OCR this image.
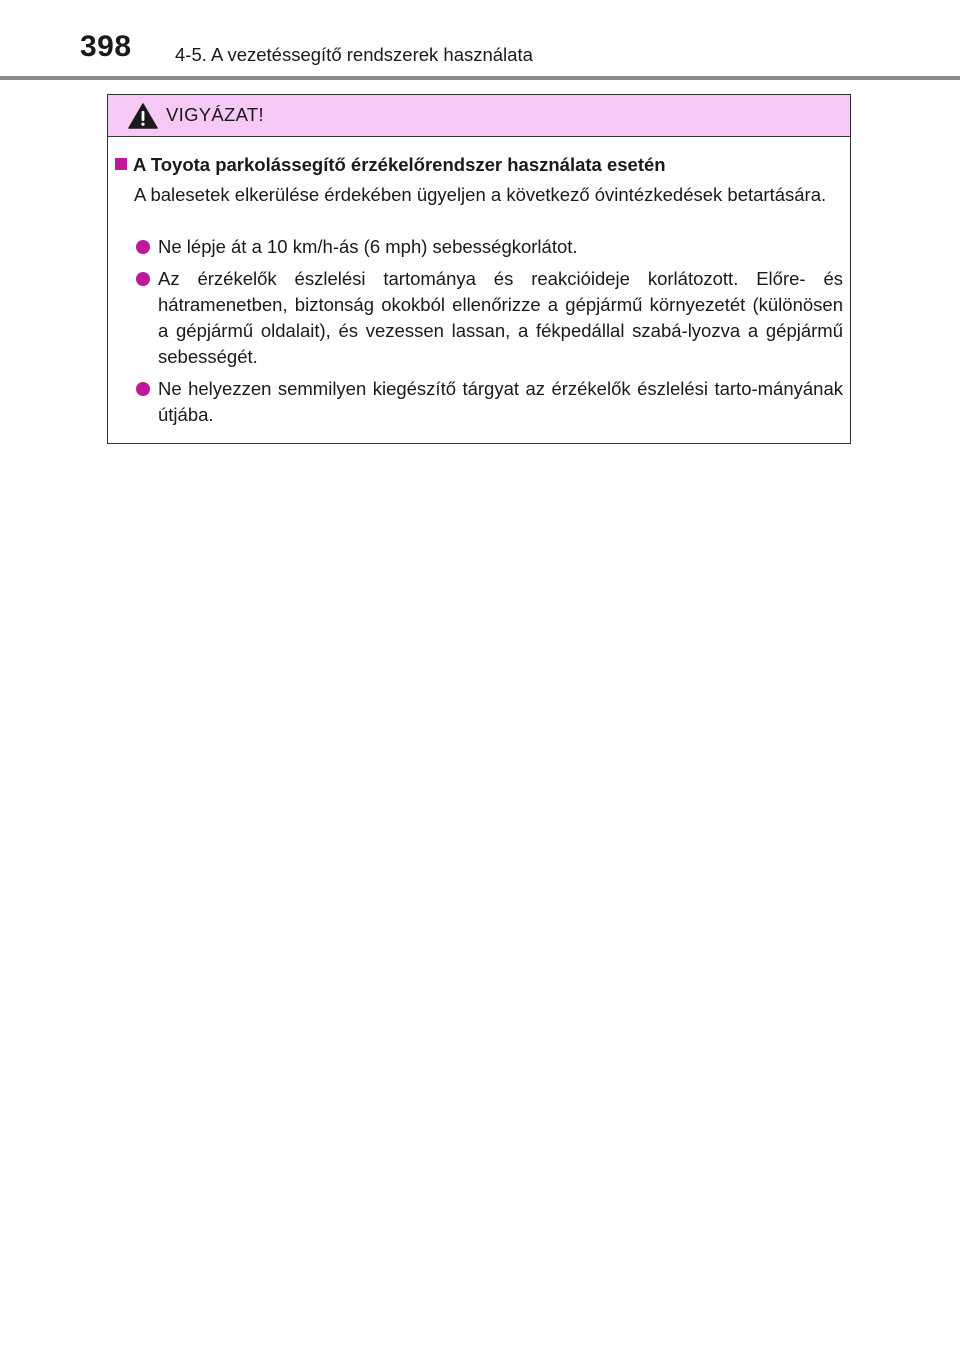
398 4-5. A vezetéssegítő rendszerek használata
VIGYÁZAT!
A Toyota parkolássegítő érzékelőrendszer használata esetén
A balesetek elkerülése érdekében ügyeljen a következő óvintézkedések betartására.
Ne lépje át a 10 km/h-ás (6 mph) sebességkorlátot.
Az érzékelők észlelési tartománya és reakcióideje korlátozott. Előre- és hátramenetben, biztonság okokból ellenőrizze a gépjármű környezetét (különösen a gépjármű oldalait), és vezessen lassan, a fékpedállal szabá-lyozva a gépjármű sebességét.
Ne helyezzen semmilyen kiegészítő tárgyat az érzékelők észlelési tarto-mányának útjába.
